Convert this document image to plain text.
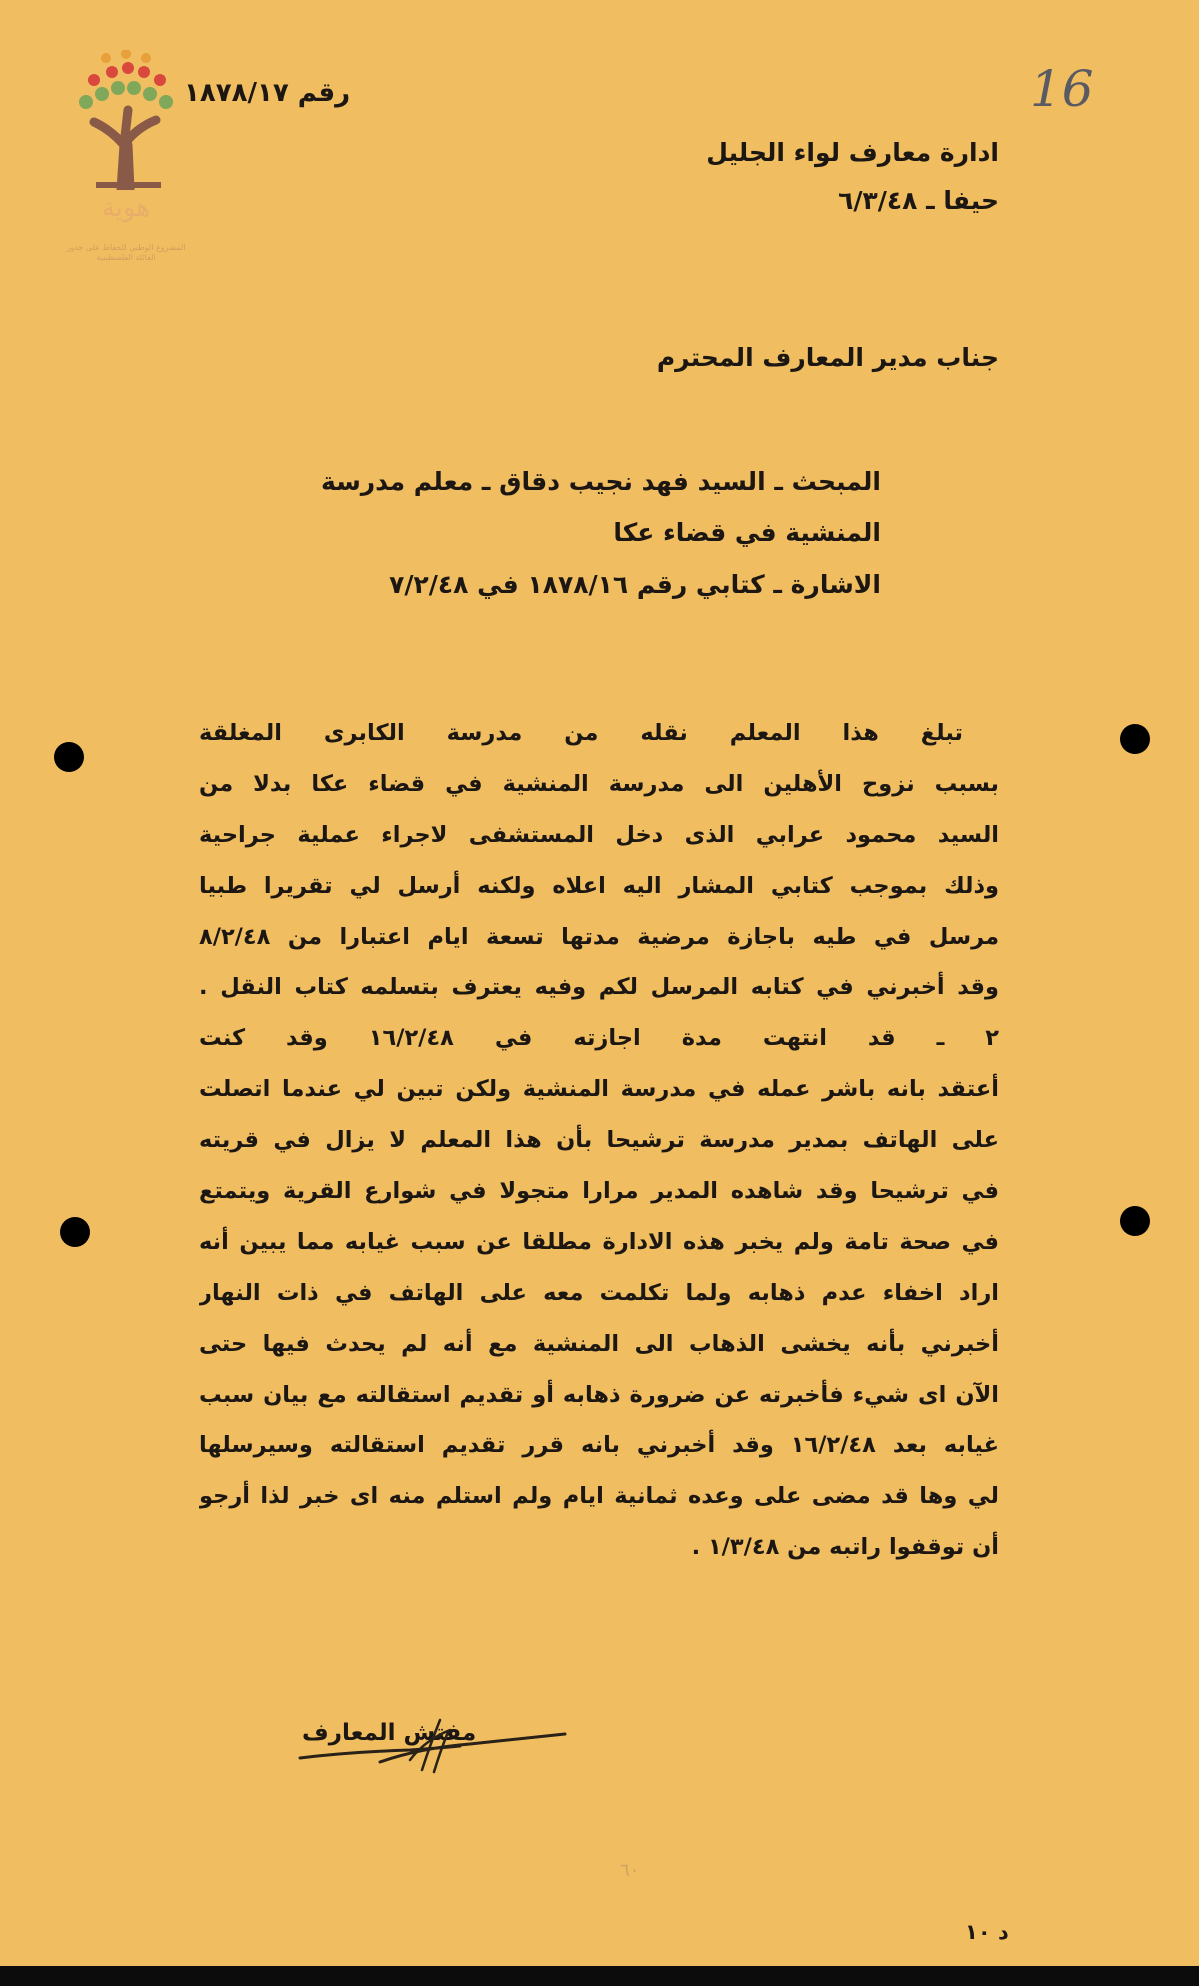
هوية
المشروع الوطني للحفاظ على جذور العائلة الفلسطينية
رقم ١٨٧٨/١٧	16
ادارة معارف لواء الجليل
حيفا ـ ٦/٣/٤٨
جناب مدير المعارف المحترم
المبحث ـ السيد فهد نجيب دقاق ـ معلم مدرسة
المنشية في قضاء عكا
الاشارة ـ كتابي رقم ١٨٧٨/١٦ في ٧/٢/٤٨
تبلغ هذا المعلم نقله من مدرسة الكابرى المغلقة
بسبب نزوح الأهلين الى مدرسة المنشية في قضاء عكا بدلا من
السيد محمود عرابي الذى دخل المستشفى لاجراء عملية جراحية
وذلك بموجب كتابي المشار اليه اعلاه ولكنه أرسل لي تقريرا طبيا
مرسل في طيه باجازة مرضية مدتها تسعة ايام اعتبارا من ٨/٢/٤٨
وقد أخبرني في كتابه المرسل لكم وفيه يعترف بتسلمه كتاب النقل .
٢ ـ قد انتهت مدة اجازته في ١٦/٢/٤٨ وقد كنت
أعتقد بانه باشر عمله في مدرسة المنشية ولكن تبين لي عندما اتصلت
على الهاتف بمدير مدرسة ترشيحا بأن هذا المعلم لا يزال في قريته
في ترشيحا وقد شاهده المدير مرارا متجولا في شوارع القرية ويتمتع
في صحة تامة ولم يخبر هذه الادارة مطلقا عن سبب غيابه مما يبين أنه
اراد اخفاء عدم ذهابه ولما تكلمت معه على الهاتف في ذات النهار
أخبرني بأنه يخشى الذهاب الى المنشية مع أنه لم يحدث فيها حتى
الآن اى شيء فأخبرته عن ضرورة ذهابه أو تقديم استقالته مع بيان سبب
غيابه بعد ١٦/٢/٤٨ وقد أخبرني بانه قرر تقديم استقالته وسيرسلها
لي وها قد مضى على وعده ثمانية ايام ولم استلم منه اى خبر لذا أرجو
أن توقفوا راتبه من ١/٣/٤٨ .
مفتش المعارف
٦٠
د ١٠
